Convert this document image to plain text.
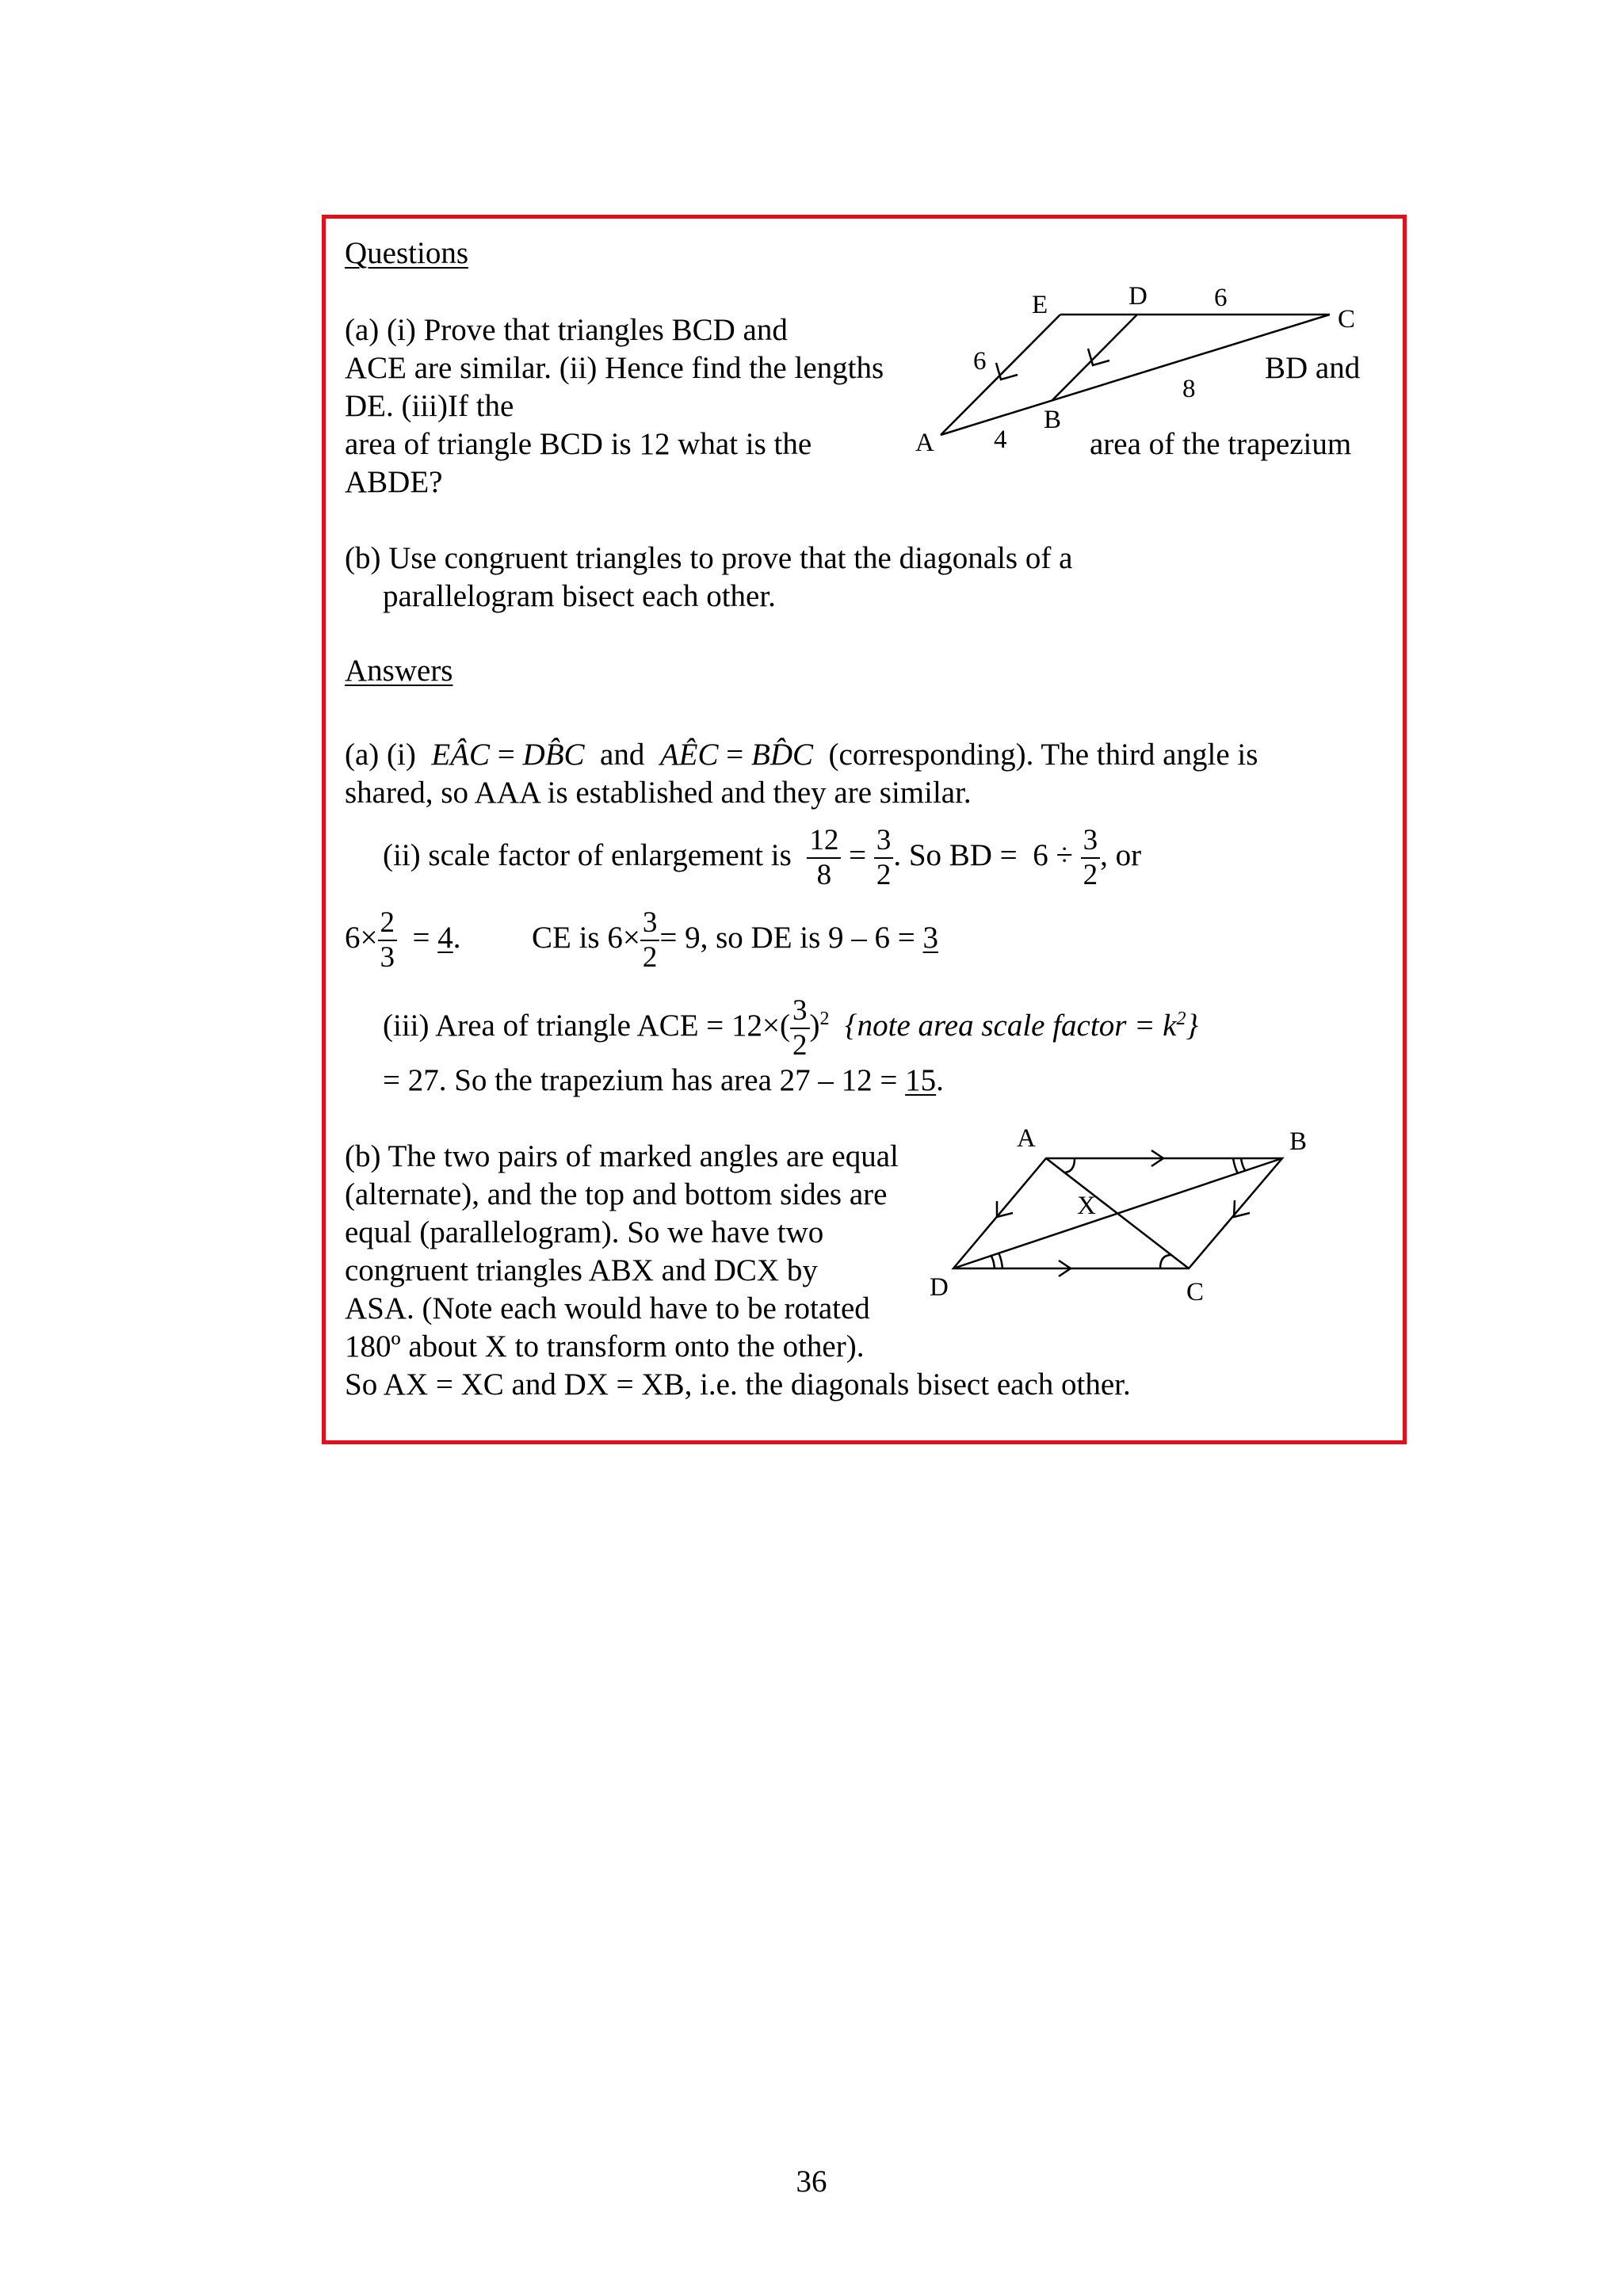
Questions
(a) (i) Prove that triangles BCD and
ACE are similar. (ii) Hence find the lengths	BD and
DE. (iii)If the
area of triangle BCD is 12 what is the	area of the trapezium
ABDE?
(b) Use congruent triangles to prove that the diagonals of a
parallelogram bisect each other.
E	D	6
C
6
8
B
A 4
Answers
(a) (i) EÂC = DB̂C and AÊC = BD̂C (corresponding). The third angle is
shared, so AAA is established and they are similar.
(ii) scale factor of enlargement is $\frac{12}{8} = \frac{3}{2}$ . So BD = $6 \div \frac{3}{2}$ , or
$6\times \frac{2}{3} = 4$. CE is $6\times \frac{3}{2} = 9$, so DE is 9 – 6 = 3
(iii) Area of triangle ACE = $12\times( \frac{3}{2} )^2$ {note area scale factor = $k^2$}
= 27. So the trapezium has area 27 – 12 = 15.
(b) The two pairs of marked angles are equal
(alternate), and the top and bottom sides are
equal (parallelogram). So we have two
congruent triangles ABX and DCX by
ASA. (Note each would have to be rotated
180º about X to transform onto the other).
So AX = XC and DX = XB, i.e. the diagonals bisect each other.
A	B
X
D	C
36
